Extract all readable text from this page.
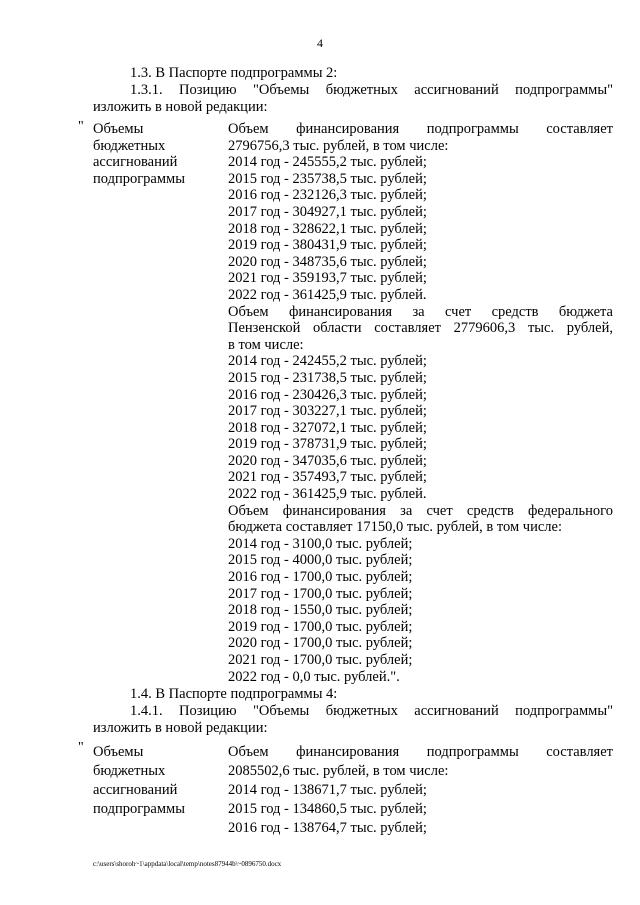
4
1.3. В Паспорте подпрограммы 2:
1.3.1. Позицию "Объемы бюджетных ассигнований подпрограммы"
изложить в новой редакции:
" Объемы
бюджетных
ассигнований
подпрограммы
Объем финансирования подпрограммы составляет
2796756,3 тыс. рублей, в том числе:
2014 год - 245555,2 тыс. рублей;
2015 год - 235738,5 тыс. рублей;
2016 год - 232126,3 тыс. рублей;
2017 год - 304927,1 тыс. рублей;
2018 год - 328622,1 тыс. рублей;
2019 год - 380431,9 тыс. рублей;
2020 год - 348735,6 тыс. рублей;
2021 год - 359193,7 тыс. рублей;
2022 год - 361425,9 тыс. рублей.
Объем финансирования за счет средств бюджета
Пензенской области составляет 2779606,3 тыс. рублей,
в том числе:
2014 год - 242455,2 тыс. рублей;
2015 год - 231738,5 тыс. рублей;
2016 год - 230426,3 тыс. рублей;
2017 год - 303227,1 тыс. рублей;
2018 год - 327072,1 тыс. рублей;
2019 год - 378731,9 тыс. рублей;
2020 год - 347035,6 тыс. рублей;
2021 год - 357493,7 тыс. рублей;
2022 год - 361425,9 тыс. рублей.
Объем финансирования за счет средств федерального
бюджета составляет 17150,0 тыс. рублей, в том числе:
2014 год - 3100,0 тыс. рублей;
2015 год - 4000,0 тыс. рублей;
2016 год - 1700,0 тыс. рублей;
2017 год - 1700,0 тыс. рублей;
2018 год - 1550,0 тыс. рублей;
2019 год - 1700,0 тыс. рублей;
2020 год - 1700,0 тыс. рублей;
2021 год - 1700,0 тыс. рублей;
2022 год - 0,0 тыс. рублей.".
1.4. В Паспорте подпрограммы 4:
1.4.1. Позицию "Объемы бюджетных ассигнований подпрограммы"
изложить в новой редакции:
" Объемы
бюджетных
ассигнований
подпрограммы
Объем финансирования подпрограммы составляет
2085502,6 тыс. рублей, в том числе:
2014 год - 138671,7 тыс. рублей;
2015 год - 134860,5 тыс. рублей;
2016 год - 138764,7 тыс. рублей;
c:\users\shoroh~1\appdata\local\temp\notes87944b\~0896750.docx
